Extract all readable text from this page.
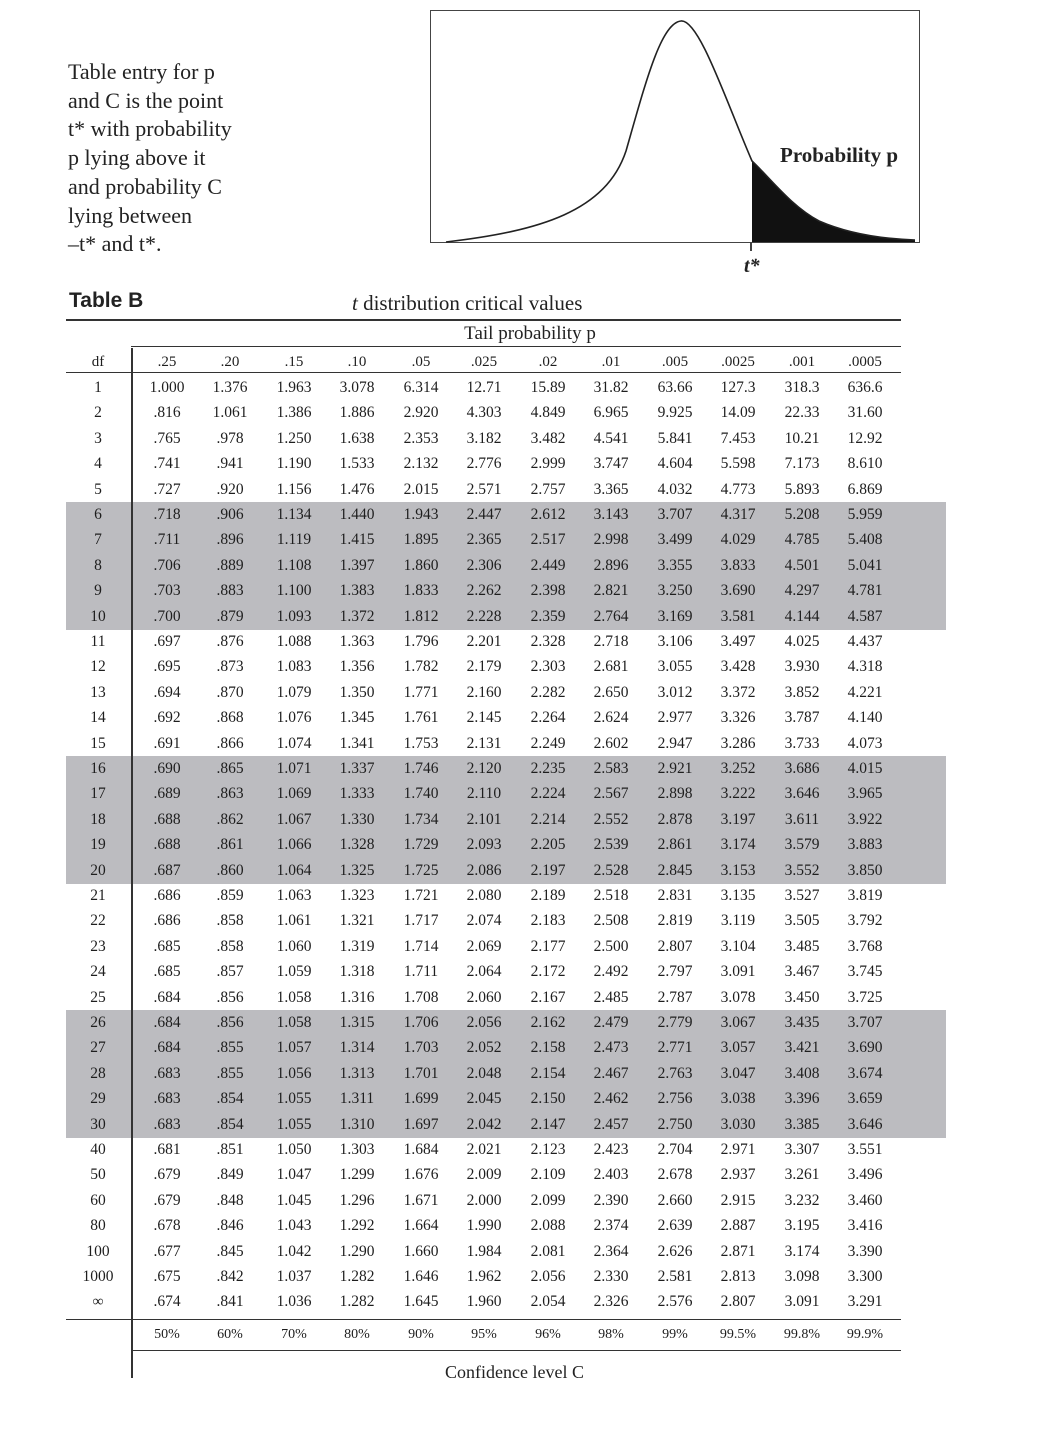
Table entry for p

and C is the point

t* with probability

p lying above it

and probability C

lying between

–t* and t*.

Probability p
t*
Table B	t distribution critical values
Tail probability p
df	.25	.20	.15	.10	.05	.025	.02	.01	.005	.0025	.001	.0005
1	1.000	1.376	1.963	3.078	6.314	12.71	15.89	31.82	63.66	127.3	318.3	636.6
2	.816	1.061	1.386	1.886	2.920	4.303	4.849	6.965	9.925	14.09	22.33	31.60
3	.765	.978	1.250	1.638	2.353	3.182	3.482	4.541	5.841	7.453	10.21	12.92
4	.741	.941	1.190	1.533	2.132	2.776	2.999	3.747	4.604	5.598	7.173	8.610
5	.727	.920	1.156	1.476	2.015	2.571	2.757	3.365	4.032	4.773	5.893	6.869
6	.718	.906	1.134	1.440	1.943	2.447	2.612	3.143	3.707	4.317	5.208	5.959
7	.711	.896	1.119	1.415	1.895	2.365	2.517	2.998	3.499	4.029	4.785	5.408
8	.706	.889	1.108	1.397	1.860	2.306	2.449	2.896	3.355	3.833	4.501	5.041
9	.703	.883	1.100	1.383	1.833	2.262	2.398	2.821	3.250	3.690	4.297	4.781
10	.700	.879	1.093	1.372	1.812	2.228	2.359	2.764	3.169	3.581	4.144	4.587
11	.697	.876	1.088	1.363	1.796	2.201	2.328	2.718	3.106	3.497	4.025	4.437
12	.695	.873	1.083	1.356	1.782	2.179	2.303	2.681	3.055	3.428	3.930	4.318
13	.694	.870	1.079	1.350	1.771	2.160	2.282	2.650	3.012	3.372	3.852	4.221
14	.692	.868	1.076	1.345	1.761	2.145	2.264	2.624	2.977	3.326	3.787	4.140
15	.691	.866	1.074	1.341	1.753	2.131	2.249	2.602	2.947	3.286	3.733	4.073
16	.690	.865	1.071	1.337	1.746	2.120	2.235	2.583	2.921	3.252	3.686	4.015
17	.689	.863	1.069	1.333	1.740	2.110	2.224	2.567	2.898	3.222	3.646	3.965
18	.688	.862	1.067	1.330	1.734	2.101	2.214	2.552	2.878	3.197	3.611	3.922
19	.688	.861	1.066	1.328	1.729	2.093	2.205	2.539	2.861	3.174	3.579	3.883
20	.687	.860	1.064	1.325	1.725	2.086	2.197	2.528	2.845	3.153	3.552	3.850
21	.686	.859	1.063	1.323	1.721	2.080	2.189	2.518	2.831	3.135	3.527	3.819
22	.686	.858	1.061	1.321	1.717	2.074	2.183	2.508	2.819	3.119	3.505	3.792
23	.685	.858	1.060	1.319	1.714	2.069	2.177	2.500	2.807	3.104	3.485	3.768
24	.685	.857	1.059	1.318	1.711	2.064	2.172	2.492	2.797	3.091	3.467	3.745
25	.684	.856	1.058	1.316	1.708	2.060	2.167	2.485	2.787	3.078	3.450	3.725
26	.684	.856	1.058	1.315	1.706	2.056	2.162	2.479	2.779	3.067	3.435	3.707
27	.684	.855	1.057	1.314	1.703	2.052	2.158	2.473	2.771	3.057	3.421	3.690
28	.683	.855	1.056	1.313	1.701	2.048	2.154	2.467	2.763	3.047	3.408	3.674
29	.683	.854	1.055	1.311	1.699	2.045	2.150	2.462	2.756	3.038	3.396	3.659
30	.683	.854	1.055	1.310	1.697	2.042	2.147	2.457	2.750	3.030	3.385	3.646
40	.681	.851	1.050	1.303	1.684	2.021	2.123	2.423	2.704	2.971	3.307	3.551
50	.679	.849	1.047	1.299	1.676	2.009	2.109	2.403	2.678	2.937	3.261	3.496
60	.679	.848	1.045	1.296	1.671	2.000	2.099	2.390	2.660	2.915	3.232	3.460
80	.678	.846	1.043	1.292	1.664	1.990	2.088	2.374	2.639	2.887	3.195	3.416
100	.677	.845	1.042	1.290	1.660	1.984	2.081	2.364	2.626	2.871	3.174	3.390
1000	.675	.842	1.037	1.282	1.646	1.962	2.056	2.330	2.581	2.813	3.098	3.300
∞	.674	.841	1.036	1.282	1.645	1.960	2.054	2.326	2.576	2.807	3.091	3.291
50%	60%	70%	80%	90%	95%	96%	98%	99%	99.5%	99.8%	99.9%
Confidence level C
